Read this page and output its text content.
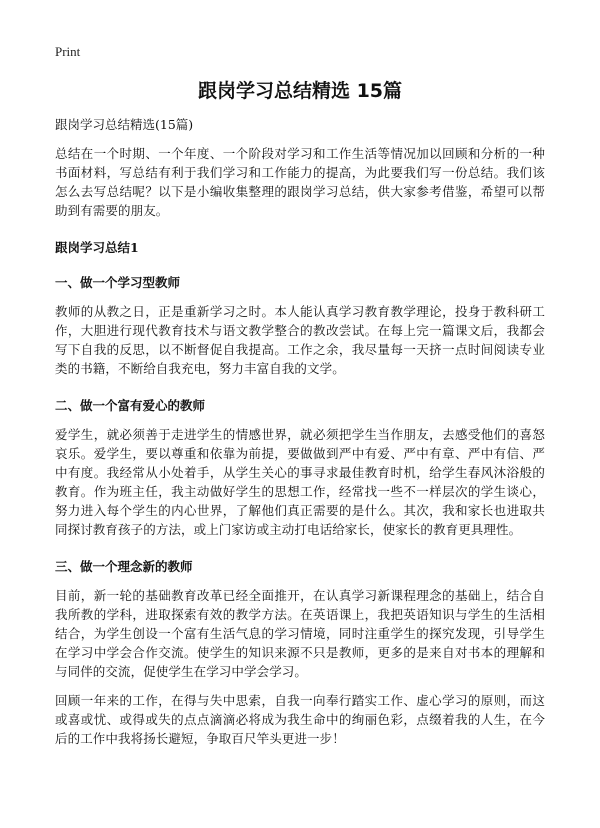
Print
跟岗学习总结精选 15篇

跟岗学习总结精选(15篇)

总结在一个时期、一个年度、一个阶段对学习和工作生活等情况加以回顾和分析的一种书面材料，写总结有利于我们学习和工作能力的提高，为此要我们写一份总结。我们该怎么去写总结呢？以下是小编收集整理的跟岗学习总结，供大家参考借鉴，希望可以帮助到有需要的朋友。

跟岗学习总结1

一、做一个学习型教师

教师的从教之日，正是重新学习之时。本人能认真学习教育教学理论，投身于教科研工作，大胆进行现代教育技术与语文教学整合的教改尝试。在每上完一篇课文后，我都会写下自我的反思，以不断督促自我提高。工作之余，我尽量每一天挤一点时间阅读专业类的书籍，不断给自我充电，努力丰富自我的文学。

二、做一个富有爱心的教师

爱学生，就必须善于走进学生的情感世界，就必须把学生当作朋友，去感受他们的喜怒哀乐。爱学生，要以尊重和依靠为前提，要做做到严中有爱、严中有章、严中有信、严中有度。我经常从小处着手，从学生关心的事寻求最佳教育时机，给学生春风沐浴般的教育。作为班主任，我主动做好学生的思想工作，经常找一些不一样层次的学生谈心，努力进入每个学生的内心世界，了解他们真正需要的是什么。其次，我和家长也进取共同探讨教育孩子的方法，或上门家访或主动打电话给家长，使家长的教育更具理性。

三、做一个理念新的教师

目前，新一轮的基础教育改革已经全面推开，在认真学习新课程理念的基础上，结合自我所教的学科，进取探索有效的教学方法。在英语课上，我把英语知识与学生的生活相结合，为学生创设一个富有生活气息的学习情境，同时注重学生的探究发现，引导学生在学习中学会合作交流。使学生的知识来源不只是教师，更多的是来自对书本的理解和与同伴的交流，促使学生在学习中学会学习。

回顾一年来的工作，在得与失中思索，自我一向奉行踏实工作、虚心学习的原则，而这或喜或忧、或得或失的点点滴滴必将成为我生命中的绚丽色彩，点缀着我的人生，在今后的工作中我将扬长避短，争取百尺竿头更进一步！
